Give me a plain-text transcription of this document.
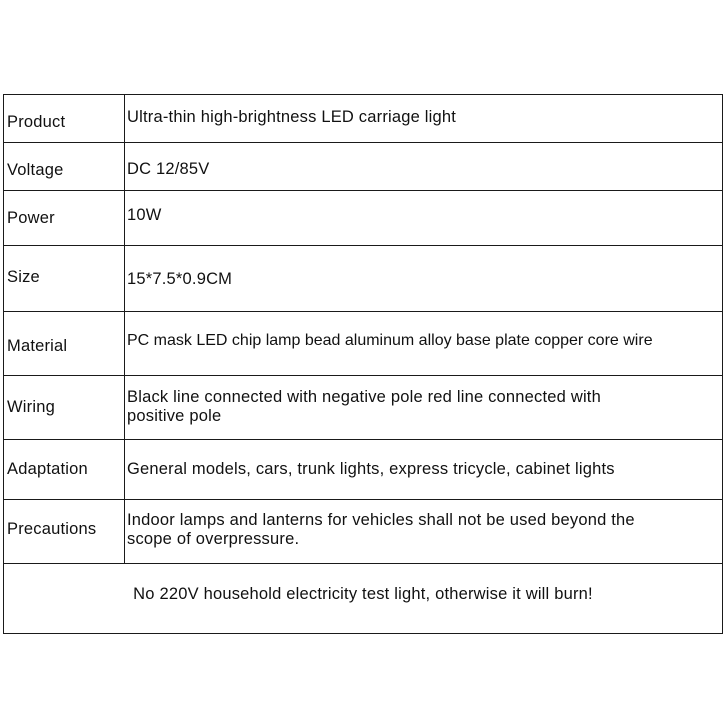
Product	Ultra-thin high-brightness LED carriage light

Voltage	DC 12/85V

Power	10W

Size	15*7.5*0.9CM

Material	PC mask LED chip lamp bead aluminum alloy base plate copper core wire

Wiring	Black line connected with negative pole red line connected with positive pole

Adaptation	General models, cars, trunk lights, express tricycle, cabinet lights

Precautions	Indoor lamps and lanterns for vehicles shall not be used beyond the scope of overpressure.

No 220V household electricity test light, otherwise it will burn!	
